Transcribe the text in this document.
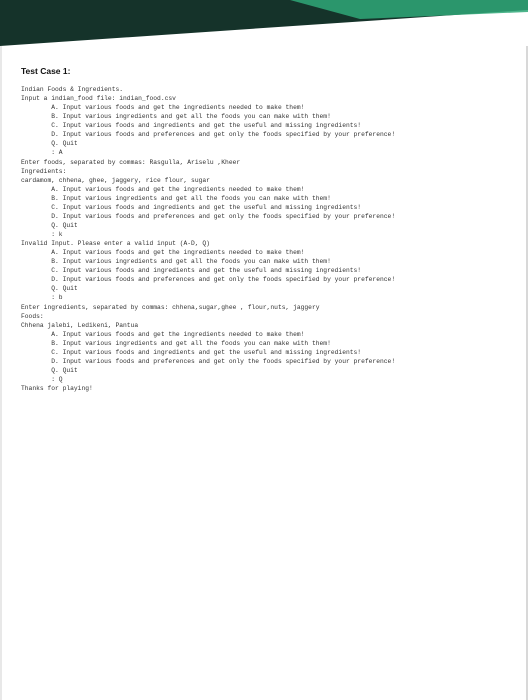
Test Case 1:
Indian Foods & Ingredients.
Input a indian_food file: indian_food.csv
A. Input various foods and get the ingredients needed to make them!
B. Input various ingredients and get all the foods you can make with them!
C. Input various foods and ingredients and get the useful and missing ingredients!
D. Input various foods and preferences and get only the foods specified by your preference!
Q. Quit
: A
Enter foods, separated by commas: Rasgulla, Ariselu ,Kheer
Ingredients:
cardamom, chhena, ghee, jaggery, rice flour, sugar
A. Input various foods and get the ingredients needed to make them!
B. Input various ingredients and get all the foods you can make with them!
C. Input various foods and ingredients and get the useful and missing ingredients!
D. Input various foods and preferences and get only the foods specified by your preference!
Q. Quit
: k
Invalid Input. Please enter a valid input (A-D, Q)
A. Input various foods and get the ingredients needed to make them!
B. Input various ingredients and get all the foods you can make with them!
C. Input various foods and ingredients and get the useful and missing ingredients!
D. Input various foods and preferences and get only the foods specified by your preference!
Q. Quit
: b
Enter ingredients, separated by commas: chhena,sugar,ghee , flour,nuts, jaggery
Foods:
Chhena jalebi, Ledikeni, Pantua
A. Input various foods and get the ingredients needed to make them!
B. Input various ingredients and get all the foods you can make with them!
C. Input various foods and ingredients and get the useful and missing ingredients!
D. Input various foods and preferences and get only the foods specified by your preference!
Q. Quit
: Q
Thanks for playing!
